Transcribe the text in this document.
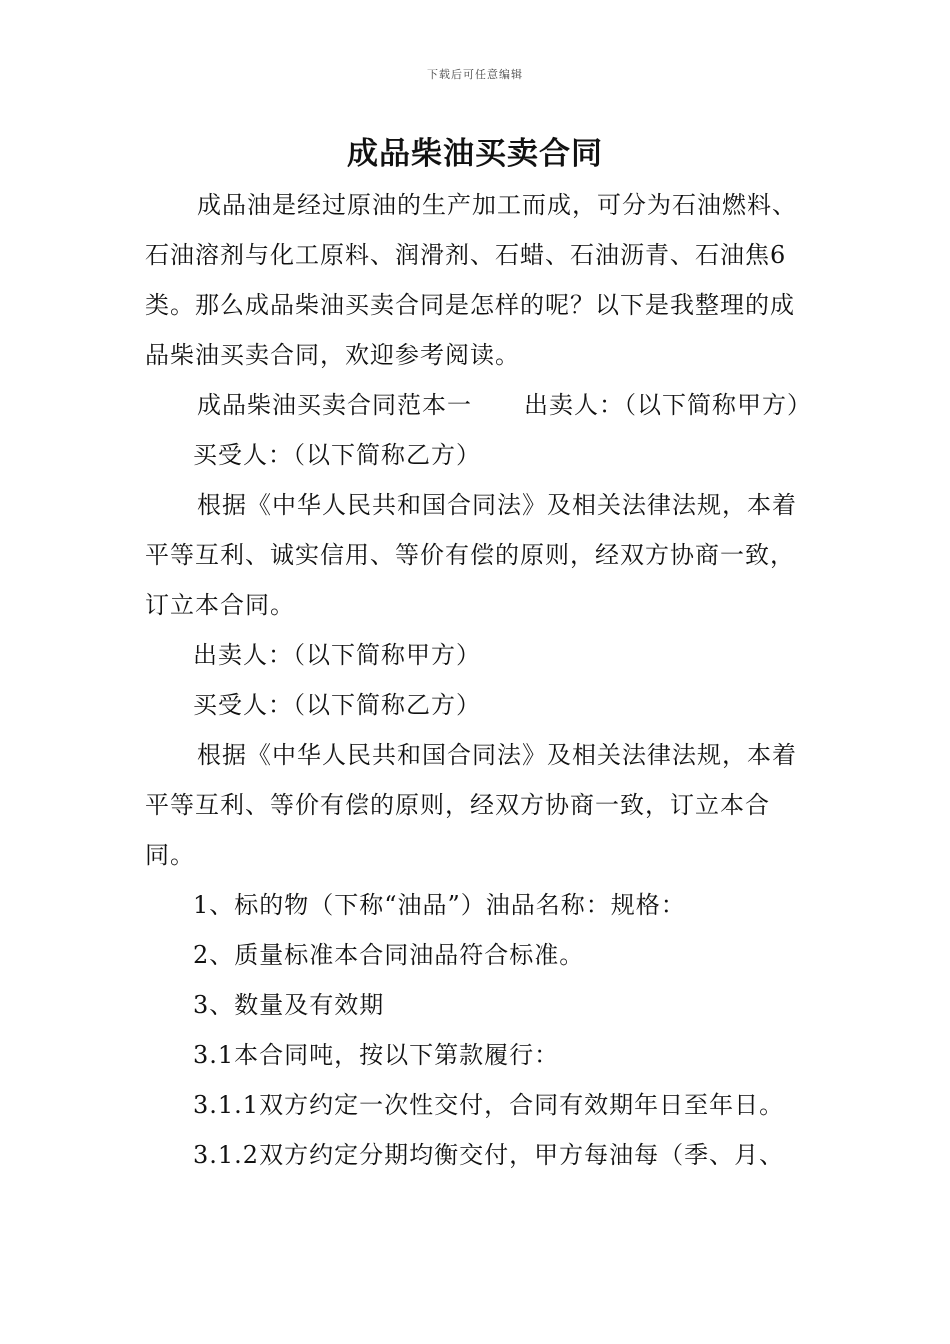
下载后可任意编辑
成品柴油买卖合同

成品油是经过原油的生产加工而成，可分为石油燃料、石油溶剂与化工原料、润滑剂、石蜡、石油沥青、石油焦6类。那么成品柴油买卖合同是怎样的呢？以下是我整理的成品柴油买卖合同，欢迎参考阅读。

成品柴油买卖合同范本一 出卖人：（以下简称甲方）

买受人：（以下简称乙方）

根据《中华人民共和国合同法》及相关法律法规，本着平等互利、诚实信用、等价有偿的原则，经双方协商一致，订立本合同。

出卖人：（以下简称甲方）

买受人：（以下简称乙方）

根据《中华人民共和国合同法》及相关法律法规，本着平等互利、等价有偿的原则，经双方协商一致，订立本合同。

1、标的物（下称“油品”）油品名称：规格：

2、质量标准本合同油品符合标准。

3、数量及有效期

3.1本合同吨，按以下第款履行：

3.1.1双方约定一次性交付，合同有效期年日至年日。

3.1.2双方约定分期均衡交付，甲方每油每（季、月、
